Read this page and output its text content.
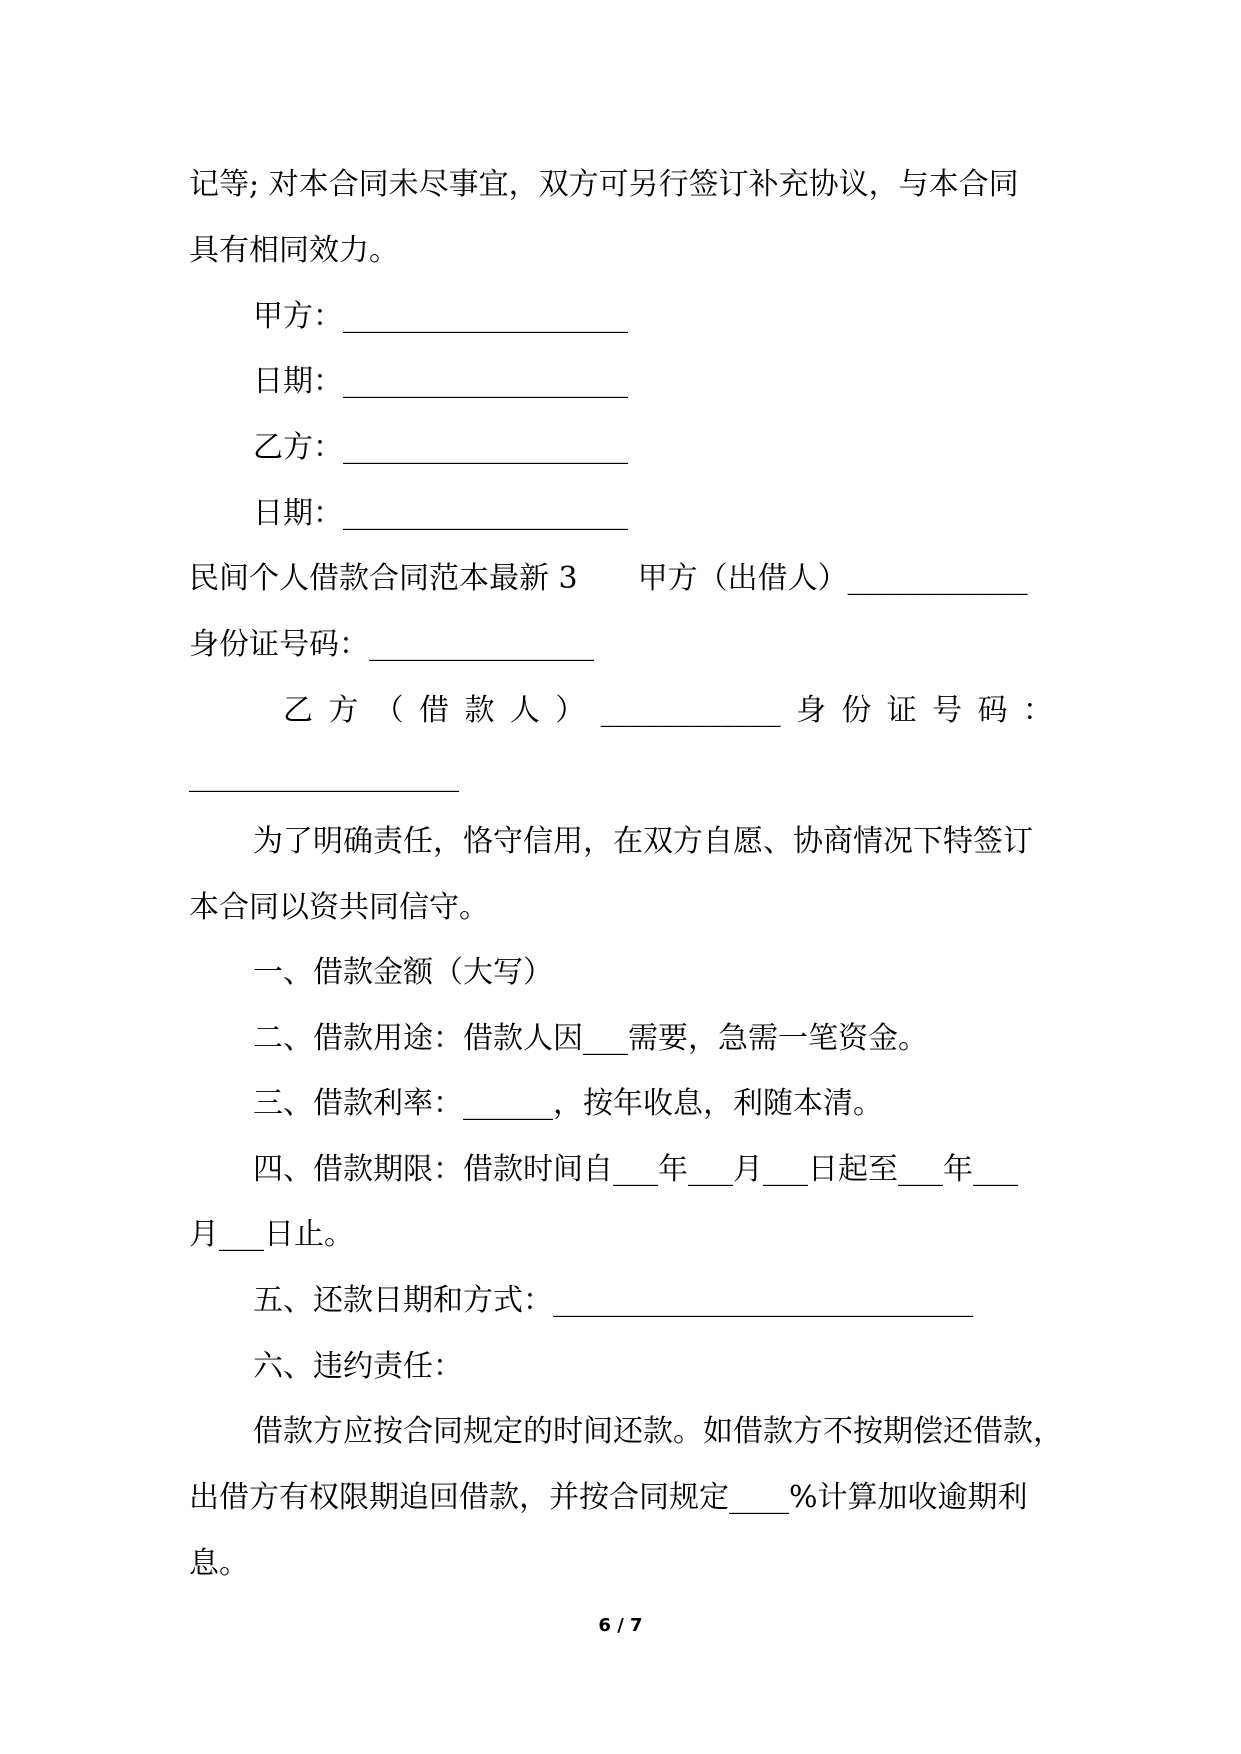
记等; 对本合同未尽事宜，双方可另行签订补充协议，与本合同
具有相同效力。
甲方：___________________
日期：___________________
乙方：___________________
日期：___________________
民间个人借款合同范本最新 3　　甲方（出借人）____________
身份证号码：_______________
乙 方 （ 借 款 人 ） ____________ 身 份 证 号 码 ：
__________________
为了明确责任，恪守信用，在双方自愿、协商情况下特签订
本合同以资共同信守。
一、借款金额（大写）
二、借款用途：借款人因___需要，急需一笔资金。
三、借款利率：______，按年收息，利随本清。
四、借款期限：借款时间自___年___月___日起至___年___
月___日止。
五、还款日期和方式：____________________________
六、违约责任：
借款方应按合同规定的时间还款。如借款方不按期偿还借款，
出借方有权限期追回借款，并按合同规定____%计算加收逾期利
息。
6 / 7
